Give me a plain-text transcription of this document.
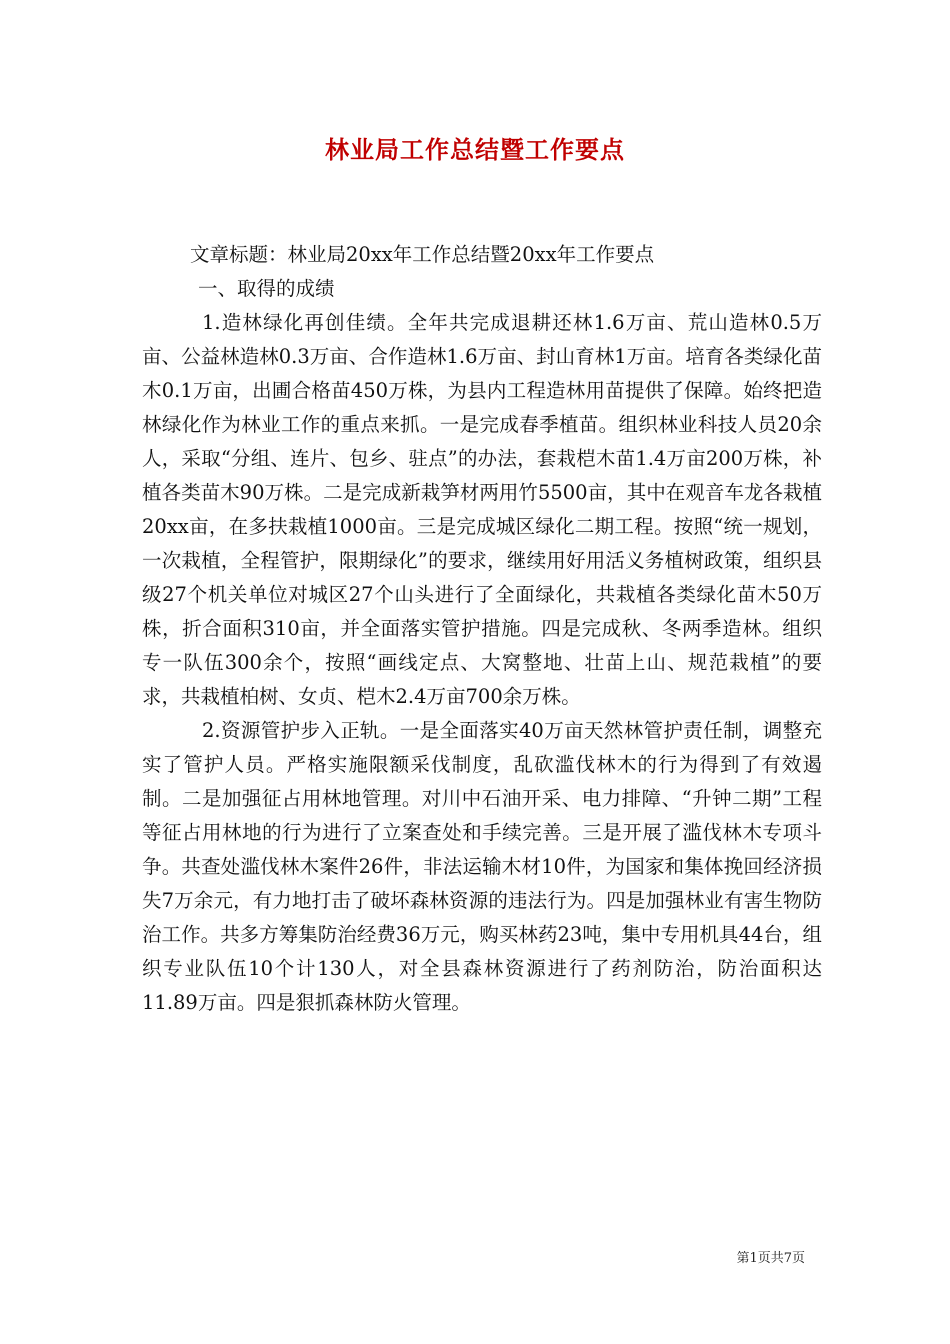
林业局工作总结暨工作要点

文章标题：林业局20xx年工作总结暨20xx年工作要点

一、取得的成绩

1.造林绿化再创佳绩。全年共完成退耕还林1.6万亩、荒山造林0.5万亩、公益林造林0.3万亩、合作造林1.6万亩、封山育林1万亩。培育各类绿化苗木0.1万亩，出圃合格苗450万株，为县内工程造林用苗提供了保障。始终把造林绿化作为林业工作的重点来抓。一是完成春季植苗。组织林业科技人员20余人，采取“分组、连片、包乡、驻点”的办法，套栽桤木苗1.4万亩200万株，补植各类苗木90万株。二是完成新栽笋材两用竹5500亩，其中在观音车龙各栽植20xx亩，在多扶栽植1000亩。三是完成城区绿化二期工程。按照“统一规划，一次栽植，全程管护，限期绿化”的要求，继续用好用活义务植树政策，组织县级27个机关单位对城区27个山头进行了全面绿化，共栽植各类绿化苗木50万株，折合面积310亩，并全面落实管护措施。四是完成秋、冬两季造林。组织专一队伍300余个，按照“画线定点、大窝整地、壮苗上山、规范栽植”的要求，共栽植柏树、女贞、桤木2.4万亩700余万株。

2.资源管护步入正轨。一是全面落实40万亩天然林管护责任制，调整充实了管护人员。严格实施限额采伐制度，乱砍滥伐林木的行为得到了有效遏制。二是加强征占用林地管理。对川中石油开采、电力排障、“升钟二期”工程等征占用林地的行为进行了立案查处和手续完善。三是开展了滥伐林木专项斗争。共查处滥伐林木案件26件，非法运输木材10件，为国家和集体挽回经济损失7万余元，有力地打击了破坏森林资源的违法行为。四是加强林业有害生物防治工作。共多方筹集防治经费36万元，购买林药23吨，集中专用机具44台，组织专业队伍10个计130人，对全县森林资源进行了药剂防治，防治面积达11.89万亩。四是狠抓森林防火管理。

第1页共7页
